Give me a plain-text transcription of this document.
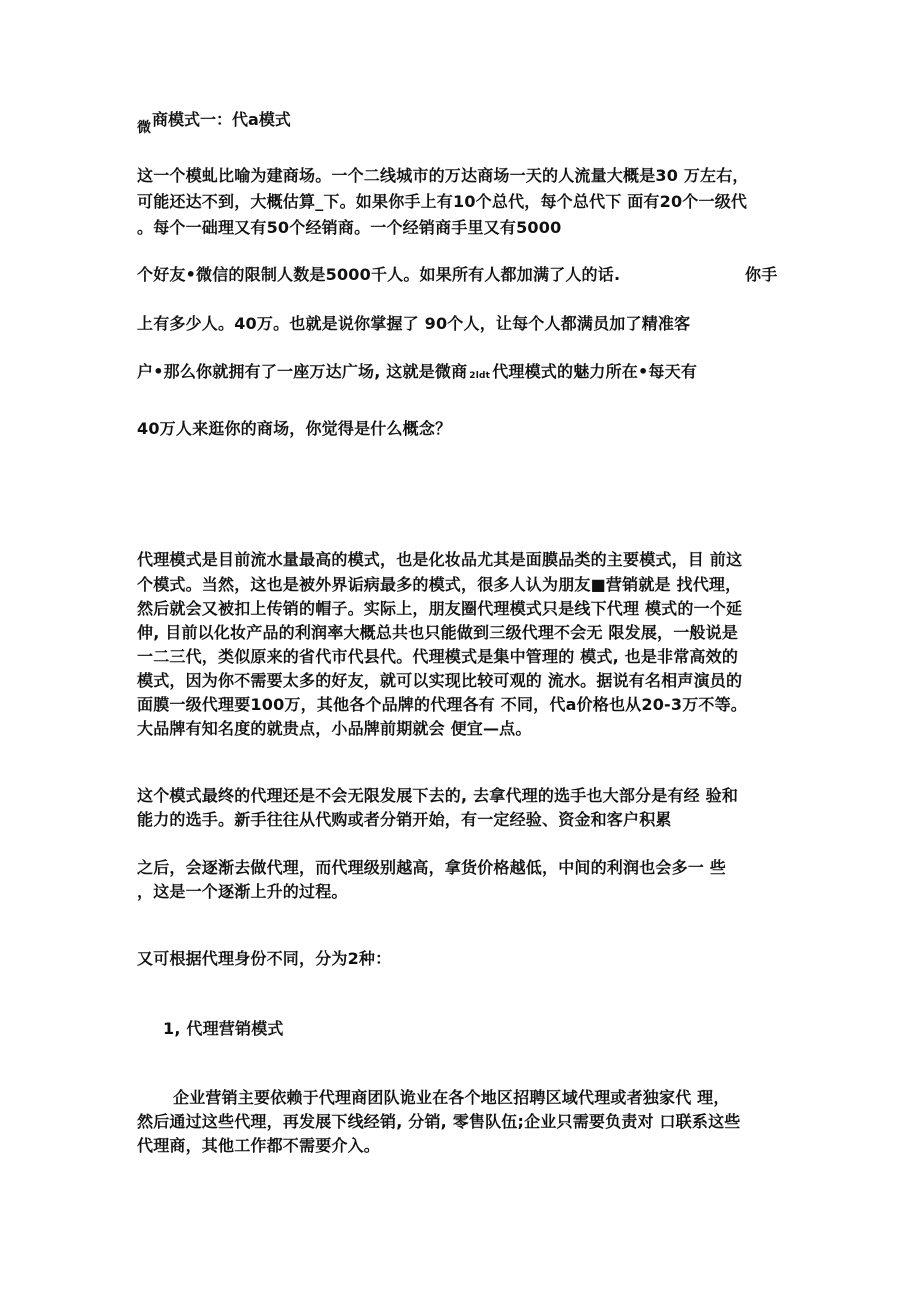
微商模式一：代a模式
这一个模虬比喻为建商场。一个二线城市的万达商场一天的人流量大概是30 万左右，
可能还达不到，大概估算_下。如果你手上有10个总代，每个总代下 面有20个一级代
。每个一础理又有50个经销商。一个经销商手里又有5000
个好友•微信的限制人数是5000千人。如果所有人都加满了人的话.	你手
上有多少人。40万。也就是说你掌握了 90个人，让每个人都满员加了精准客
户•那么你就拥有了一座万达广场, 这就是微商 2ldt 代理模式的魅力所在•每天有
40万人来逛你的商场，你觉得是什么概念？
代理模式是目前流水量最高的模式，也是化妆品尤其是面膜品类的主要模式，目 前这
个模式。当然，这也是被外界诟病最多的模式，很多人认为朋友■营销就是 找代理，
然后就会又被扣上传销的帽子。实际上，朋友圈代理模式只是线下代理 模式的一个延
伸, 目前以化妆产品的利润率大概总共也只能做到三级代理不会无 限发展，一般说是
一二三代，类似原来的省代市代县代。代理模式是集中管理的 模式, 也是非常高效的
模式，因为你不需要太多的好友，就可以实现比较可观的 流水。据说有名相声演员的
面膜一级代理要100万，其他各个品牌的代理各有 不同，代a价格也从20-3万不等。
大品牌有知名度的就贵点，小品牌前期就会 便宜—点。
这个模式最终的代理还是不会无限发展下去的, 去拿代理的选手也大部分是有经 验和
能力的选手。新手往往从代购或者分销开始，有一定经验、资金和客户积累
之后，会逐渐去做代理，而代理级别越高，拿货价格越低，中间的利润也会多一 些
，这是一个逐渐上升的过程。
又可根据代理身份不同，分为2种：
1, 代理营销模式
企业营销主要依赖于代理商团队诡业在各个地区招聘区域代理或者独家代 理，
然后通过这些代理，再发展下线经销, 分销, 零售队伍;企业只需要负责对 口联系这些
代理商，其他工作都不需要介入。
